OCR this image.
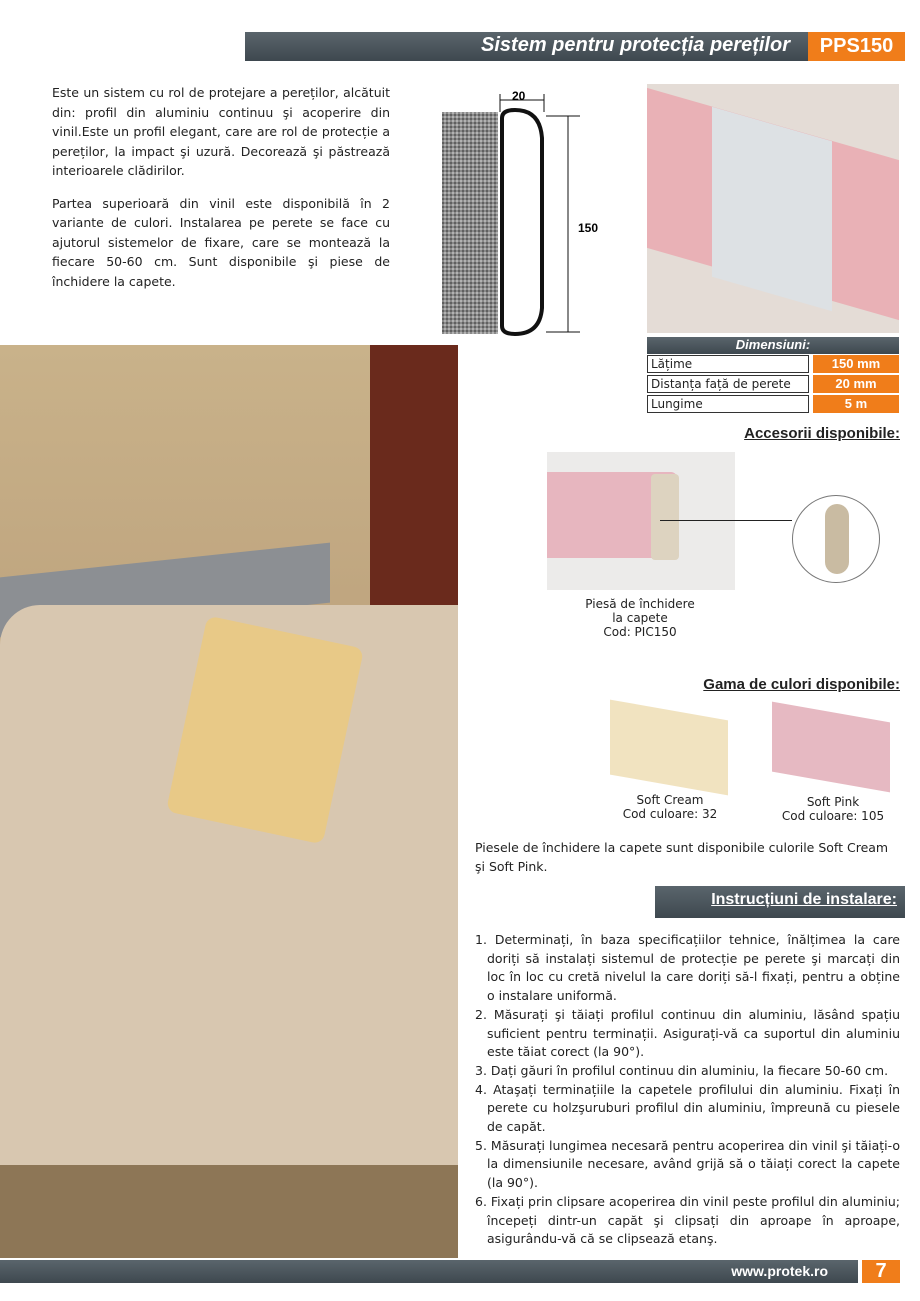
Sistem pentru protecția pereților	PPS150

Este un sistem cu rol de protejare a pereților, alcătuit din: profil din aluminiu continuu şi acoperire din vinil.Este un profil elegant, care are rol de protecție a pereților, la impact şi uzură. Decorează şi păstrează interioarele clădirilor.

Partea superioară din vinil este disponibilă în 2 variante de culori. Instalarea pe perete se face cu ajutorul sistemelor de fixare, care se montează la fiecare 50-60 cm. Sunt disponibile şi piese de închidere la capete.

20
150
Dimensiuni:
Lățime	150 mm
Distanța față de perete	20 mm
Lungime	5 m
Accesorii disponibile:
Piesă de închidere
la capete
Cod: PIC150
Gama de culori disponibile:
Soft Cream
Cod culoare: 32
Soft Pink
Cod culoare: 105
Piesele de închidere la capete sunt disponibile culorile Soft Cream şi Soft Pink.
Instrucțiuni de instalare:
1. Determinați, în baza specificațiilor tehnice, înălțimea la care doriți să instalați sistemul de protecție pe perete şi marcați din loc în loc cu cretă nivelul la care doriți să-l fixați, pentru a obține o instalare uniformă.
2. Măsurați şi tăiați profilul continuu din aluminiu, lăsând spațiu suficient pentru terminații. Asigurați-vă ca suportul din aluminiu este tăiat corect (la 90°).
3. Dați găuri în profilul continuu din aluminiu, la fiecare 50-60 cm.
4. Ataşați terminațiile la capetele profilului din aluminiu. Fixați în perete cu holzşuruburi profilul din aluminiu, împreună cu piesele de capăt.
5. Măsurați lungimea necesară pentru acoperirea din vinil şi tăiați-o la dimensiunile necesare, având grijă să o tăiați corect la capete (la 90°).
6. Fixați prin clipsare acoperirea din vinil peste profilul din aluminiu; începeți dintr-un capăt şi clipsați din aproape în aproape, asigurându-vă că se clipsează etanş.
www.protek.ro	7
